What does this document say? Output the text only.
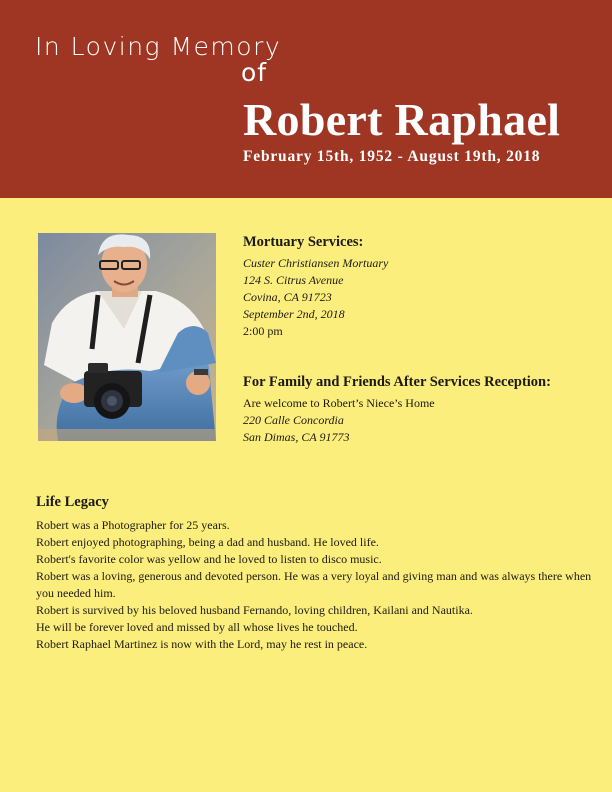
In Loving Memory
of
Robert Raphael
February 15th, 1952 - August 19th, 2018
Mortuary Services:
Custer Christiansen Mortuary
124 S. Citrus Avenue
Covina, CA 91723
September 2nd, 2018
2:00 pm
For Family and Friends After Services Reception:
Are welcome to Robert’s Niece’s Home
220 Calle Concordia
San Dimas, CA 91773
Life Legacy
Robert was a Photographer for 25 years.
Robert enjoyed photographing, being a dad and husband. He loved life.
Robert's favorite color was yellow and he loved to listen to disco music.
Robert was a loving, generous and devoted person. He was a very loyal and giving man and was always there when you needed him.
Robert is survived by his beloved husband Fernando, loving children, Kailani and Nautika.
He will be forever loved and missed by all whose lives he touched.
Robert Raphael Martinez is now with the Lord, may he rest in peace.
